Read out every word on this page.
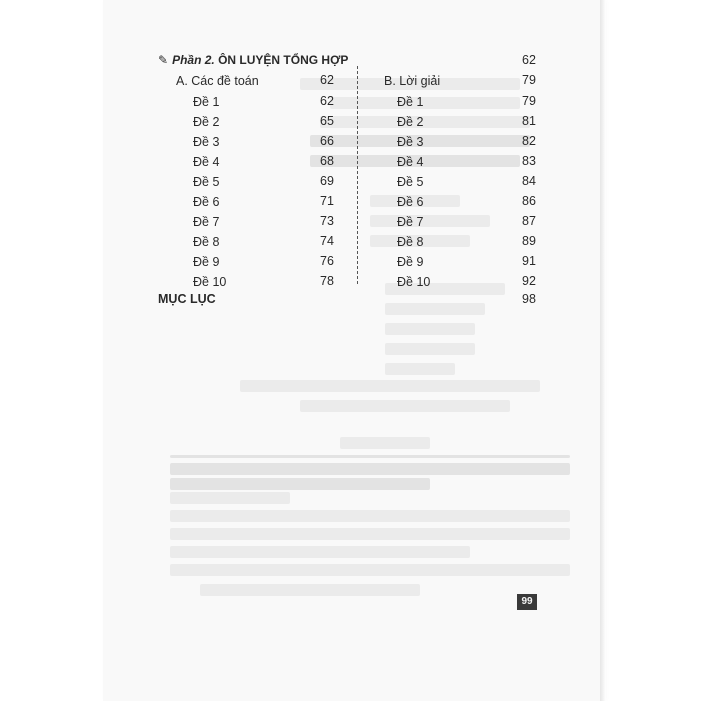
✎ Phần 2. ÔN LUYỆN TỔNG HỢP	62
A. Các đề toán	62	B. Lời giải	79
Đề 1	62
Đề 2	65
Đề 3	66
Đề 4	68
Đề 5	69
Đề 6	71
Đề 7	73
Đề 8	74
Đề 9	76
Đề 10	78
Đề 1	79
Đề 2	81
Đề 3	82
Đề 4	83
Đề 5	84
Đề 6	86
Đề 7	87
Đề 8	89
Đề 9	91
Đề 10	92
MỤC LỤC	98
99
